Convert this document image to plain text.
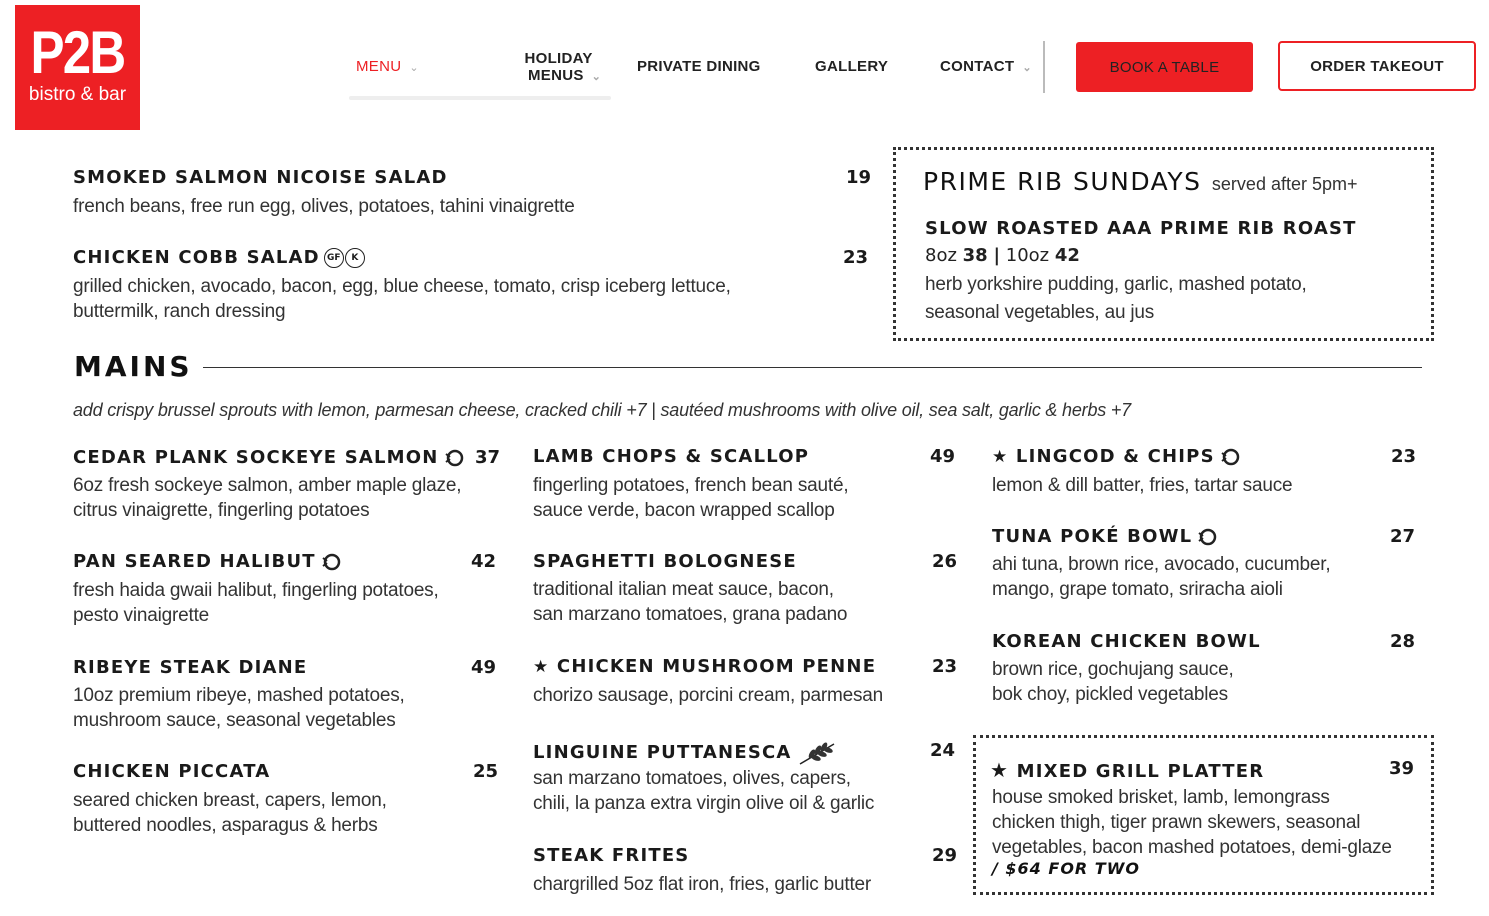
P2B
bistro & bar
MENU ⌄
HOLIDAY
MENUS ⌄
PRIVATE DINING	GALLERY	CONTACT ⌄	BOOK A TABLE	ORDER TAKEOUT
SMOKED SALMON NICOISE SALAD	19
french beans, free run egg, olives, potatoes, tahini vinaigrette
CHICKEN COBB SALAD GF K	23
grilled chicken, avocado, bacon, egg, blue cheese, tomato, crisp iceberg lettuce,
buttermilk, ranch dressing
PRIME RIB SUNDAYS served after 5pm+
SLOW ROASTED AAA PRIME RIB ROAST
8oz 38 | 10oz 42
herb yorkshire pudding, garlic, mashed potato,
seasonal vegetables, au jus
MAINS
add crispy brussel sprouts with lemon, parmesan cheese, cracked chili +7 | sautéed mushrooms with olive oil, sea salt, garlic & herbs +7
CEDAR PLANK SOCKEYE SALMON	37
6oz fresh sockeye salmon, amber maple glaze,
citrus vinaigrette, fingerling potatoes
PAN SEARED HALIBUT	42
fresh haida gwaii halibut, fingerling potatoes,
pesto vinaigrette
RIBEYE STEAK DIANE	49
10oz premium ribeye, mashed potatoes,
mushroom sauce, seasonal vegetables
CHICKEN PICCATA	25
seared chicken breast, capers, lemon,
buttered noodles, asparagus & herbs
LAMB CHOPS & SCALLOP	49
fingerling potatoes, french bean sauté,
sauce verde, bacon wrapped scallop
SPAGHETTI BOLOGNESE	26
traditional italian meat sauce, bacon,
san marzano tomatoes, grana padano
★ CHICKEN MUSHROOM PENNE	23
chorizo sausage, porcini cream, parmesan
LINGUINE PUTTANESCA	24
san marzano tomatoes, olives, capers,
chili, la panza extra virgin olive oil & garlic
STEAK FRITES	29
chargrilled 5oz flat iron, fries, garlic butter
★ LINGCOD & CHIPS	23
lemon & dill batter, fries, tartar sauce
TUNA POKÉ BOWL	27
ahi tuna, brown rice, avocado, cucumber,
mango, grape tomato, sriracha aioli
KOREAN CHICKEN BOWL	28
brown rice, gochujang sauce,
bok choy, pickled vegetables
★ MIXED GRILL PLATTER	39
house smoked brisket, lamb, lemongrass
chicken thigh, tiger prawn skewers, seasonal
vegetables, bacon mashed potatoes, demi-glaze
/ $64 FOR TWO
